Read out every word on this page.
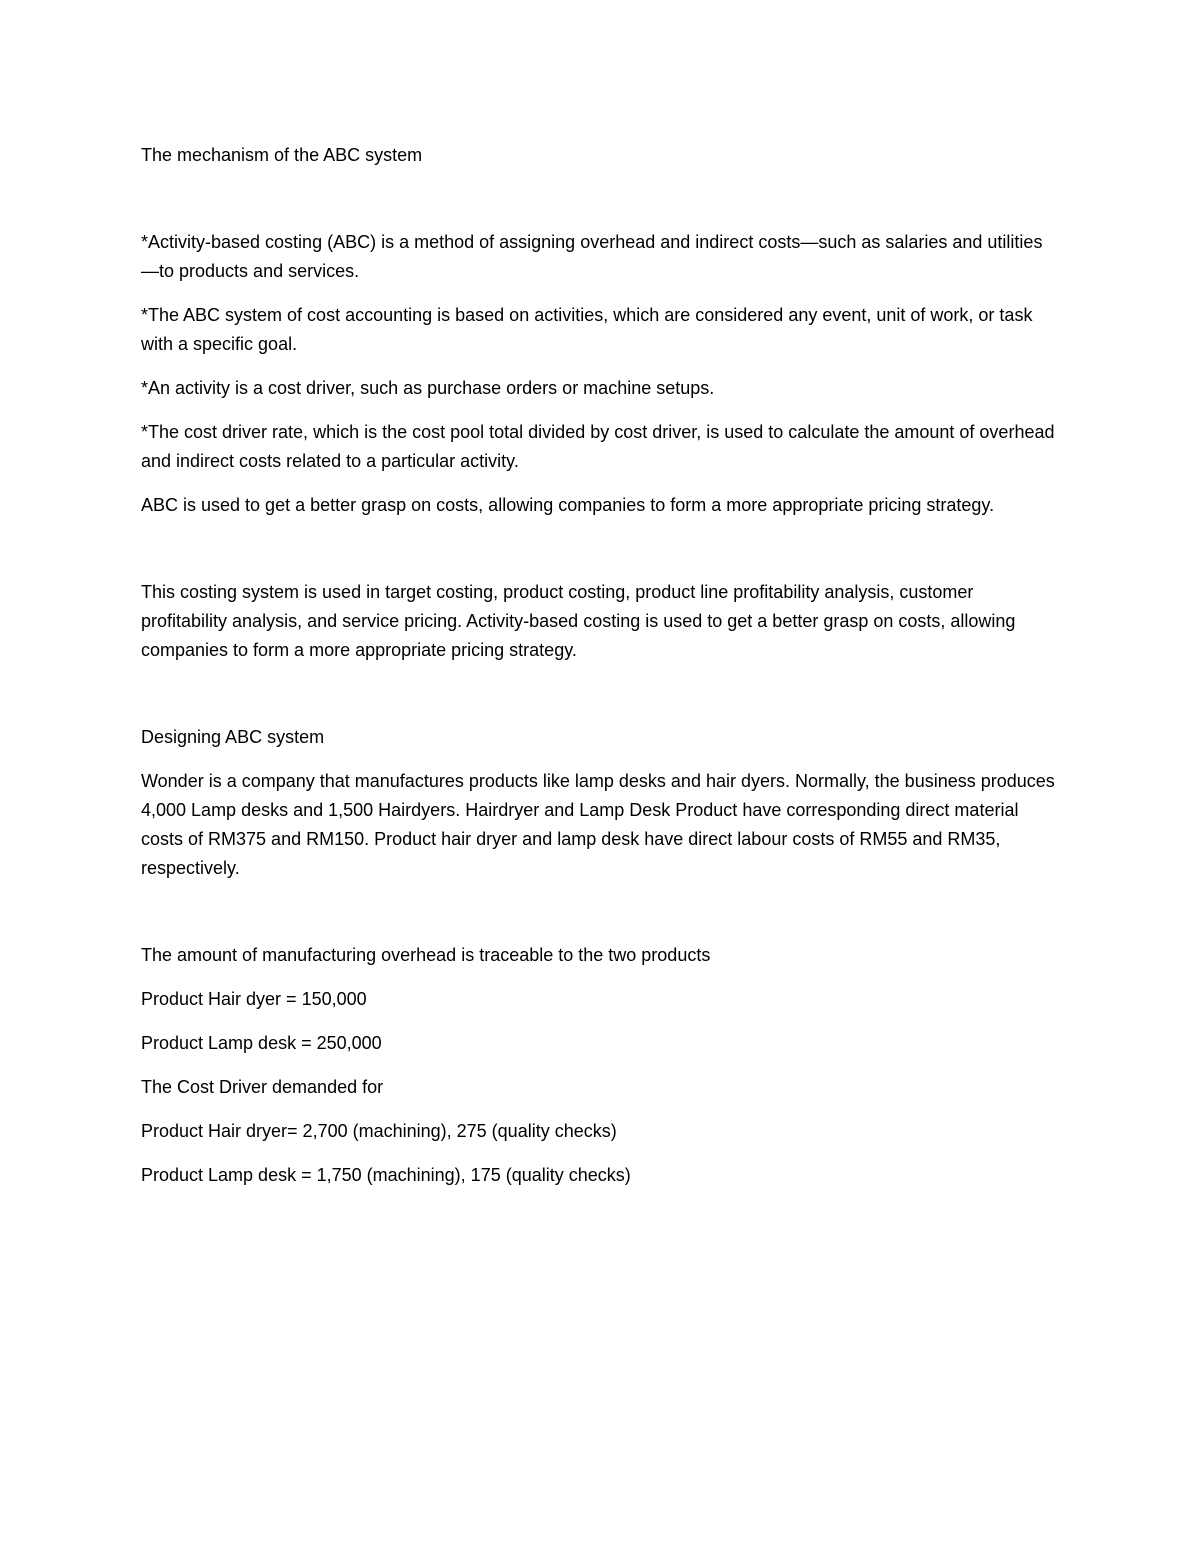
The mechanism of the ABC system

*Activity-based costing (ABC) is a method of assigning overhead and indirect costs—such as salaries and utilities—to products and services.

*The ABC system of cost accounting is based on activities, which are considered any event, unit of work, or task with a specific goal.

*An activity is a cost driver, such as purchase orders or machine setups.

*The cost driver rate, which is the cost pool total divided by cost driver, is used to calculate the amount of overhead and indirect costs related to a particular activity.

ABC is used to get a better grasp on costs, allowing companies to form a more appropriate pricing strategy.

This costing system is used in target costing, product costing, product line profitability analysis, customer profitability analysis, and service pricing. Activity-based costing is used to get a better grasp on costs, allowing companies to form a more appropriate pricing strategy.

Designing ABC system

Wonder is a company that manufactures products like lamp desks and hair dyers. Normally, the business produces 4,000 Lamp desks and 1,500 Hairdyers. Hairdryer and Lamp Desk Product have corresponding direct material costs of RM375 and RM150. Product hair dryer and lamp desk have direct labour costs of RM55 and RM35, respectively.

The amount of manufacturing overhead is traceable to the two products

Product Hair dyer = 150,000

Product Lamp desk = 250,000

The Cost Driver demanded for

Product Hair dryer= 2,700 (machining), 275 (quality checks)

Product Lamp desk = 1,750 (machining), 175 (quality checks)
